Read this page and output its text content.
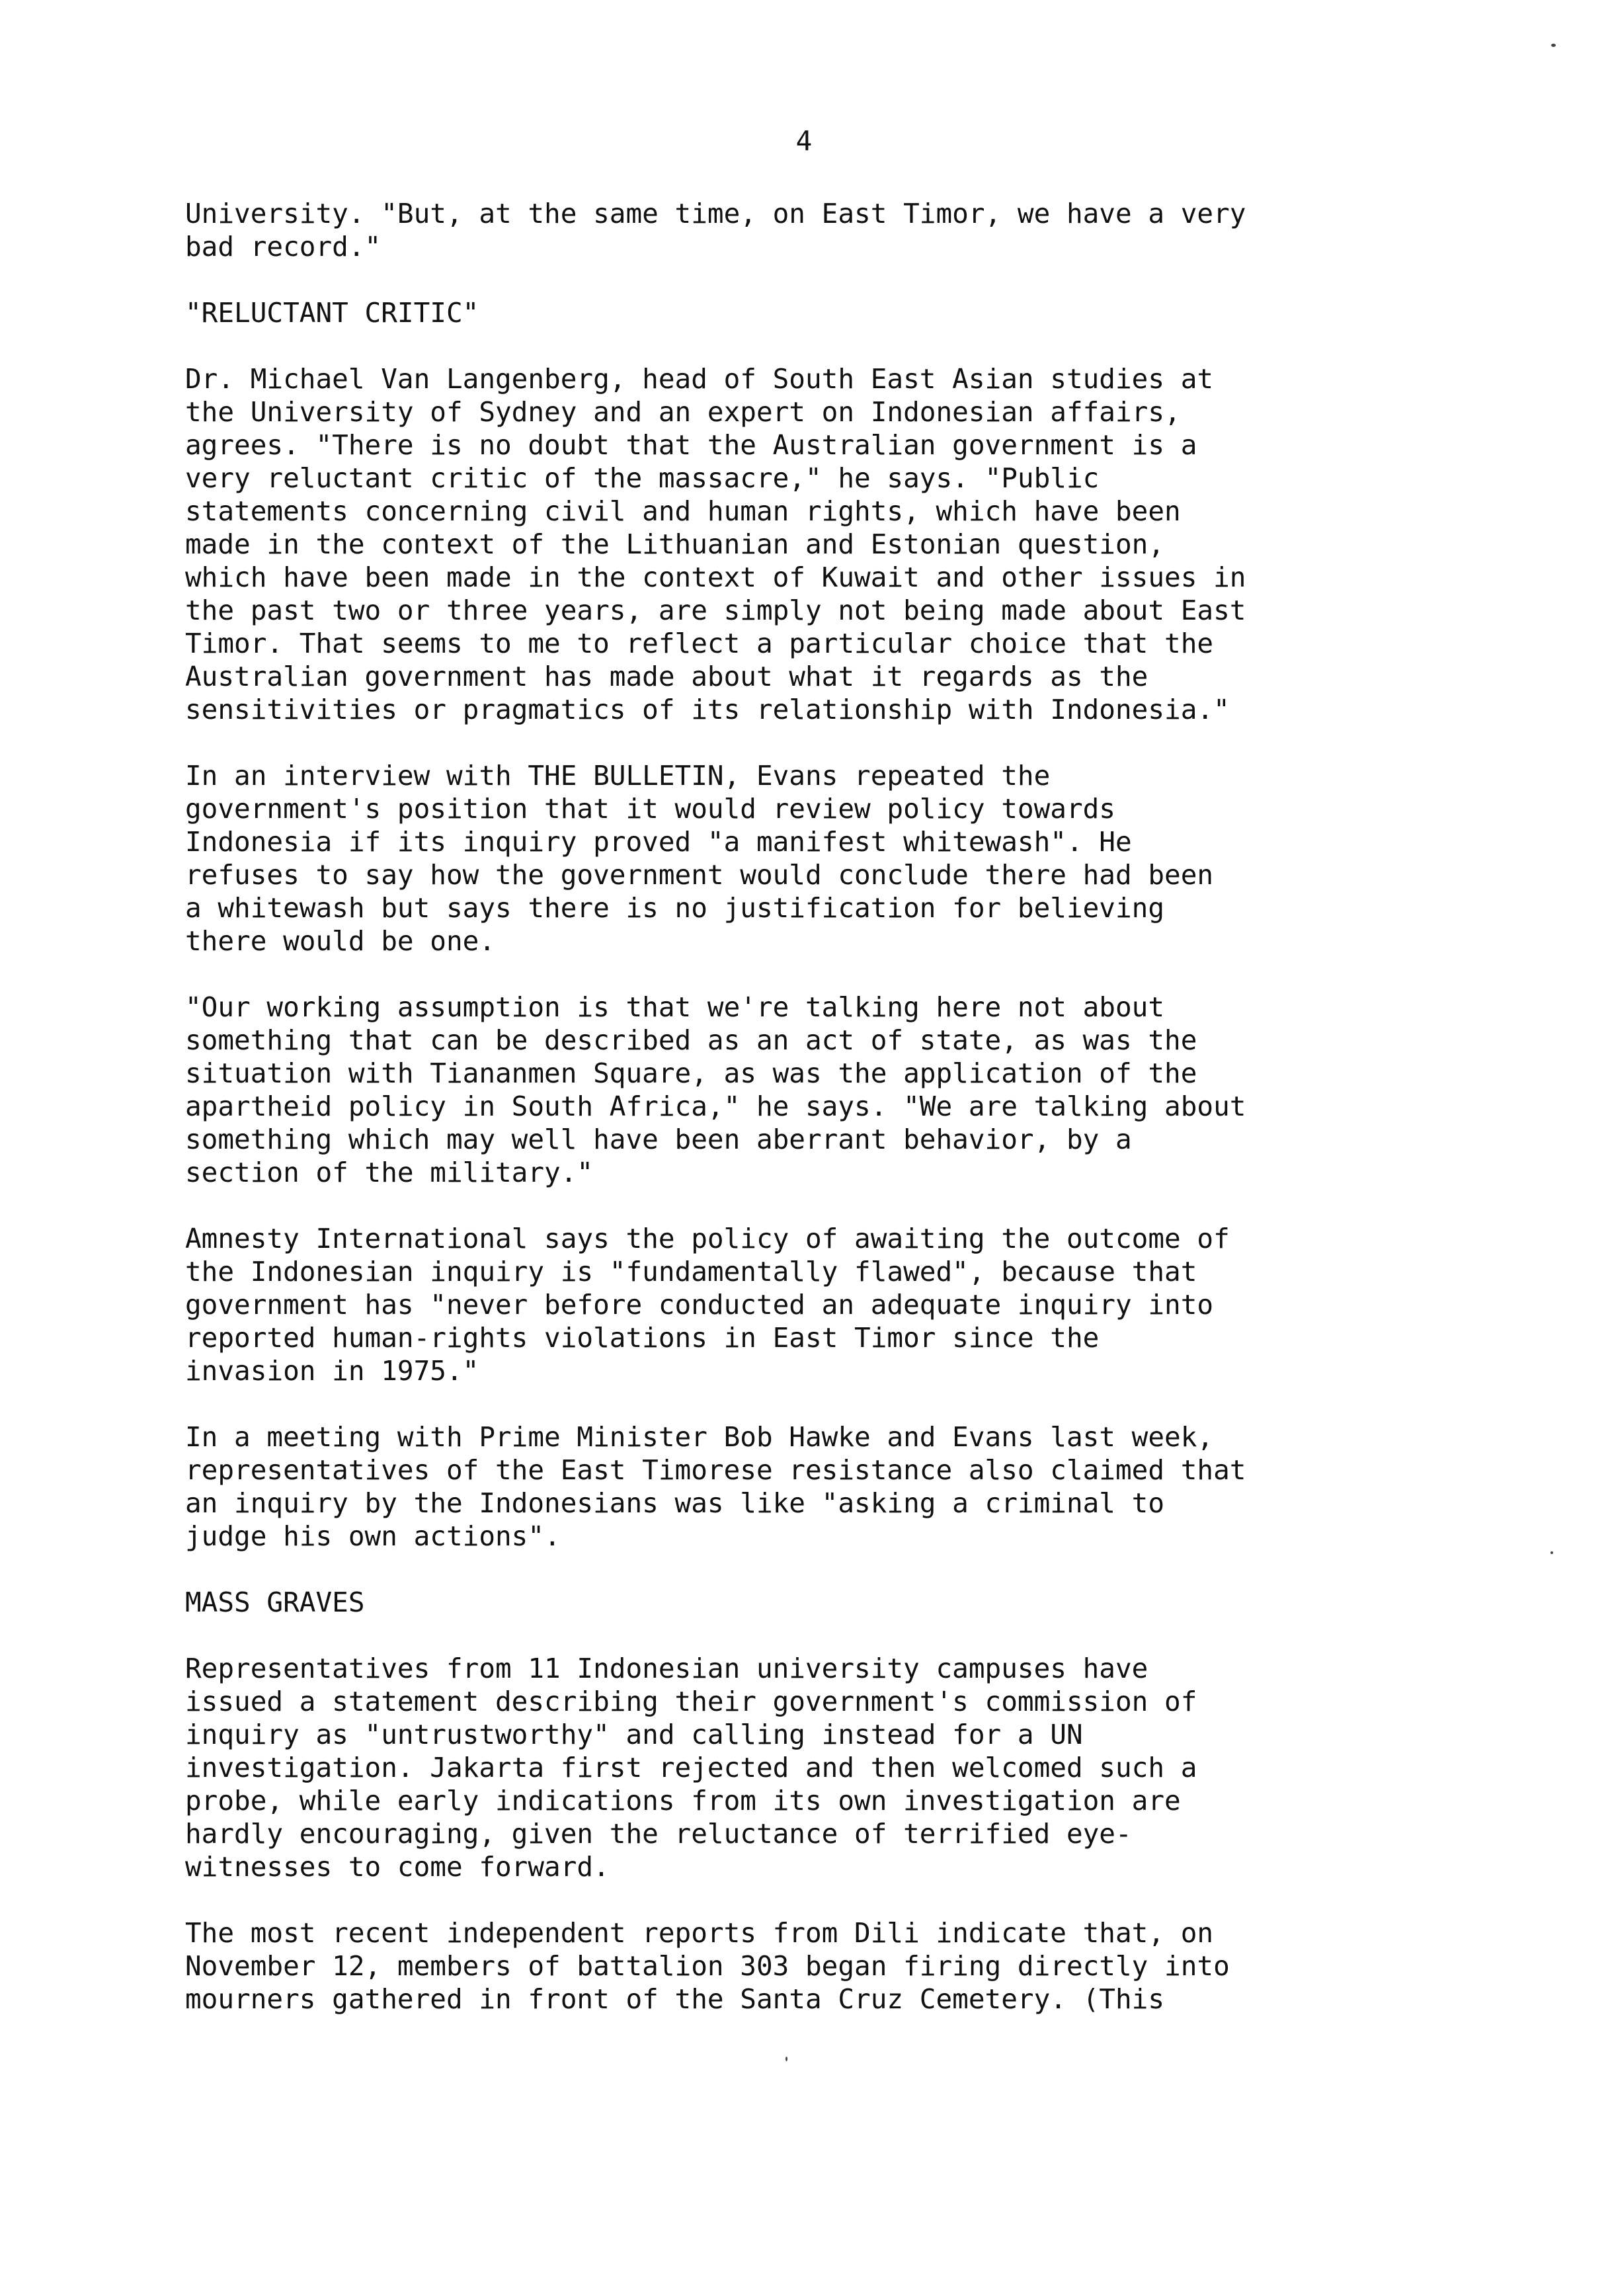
4

University. "But, at the same time, on East Timor, we have a very
bad record."

"RELUCTANT CRITIC"

Dr. Michael Van Langenberg, head of South East Asian studies at
the University of Sydney and an expert on Indonesian affairs,
agrees. "There is no doubt that the Australian government is a
very reluctant critic of the massacre," he says. "Public
statements concerning civil and human rights, which have been
made in the context of the Lithuanian and Estonian question,
which have been made in the context of Kuwait and other issues in
the past two or three years, are simply not being made about East
Timor. That seems to me to reflect a particular choice that the
Australian government has made about what it regards as the
sensitivities or pragmatics of its relationship with Indonesia."

In an interview with THE BULLETIN, Evans repeated the
government's position that it would review policy towards
Indonesia if its inquiry proved "a manifest whitewash". He
refuses to say how the government would conclude there had been
a whitewash but says there is no justification for believing
there would be one.

"Our working assumption is that we're talking here not about
something that can be described as an act of state, as was the
situation with Tiananmen Square, as was the application of the
apartheid policy in South Africa," he says. "We are talking about
something which may well have been aberrant behavior, by a
section of the military."

Amnesty International says the policy of awaiting the outcome of
the Indonesian inquiry is "fundamentally flawed", because that
government has "never before conducted an adequate inquiry into
reported human-rights violations in East Timor since the
invasion in 1975."

In a meeting with Prime Minister Bob Hawke and Evans last week,
representatives of the East Timorese resistance also claimed that
an inquiry by the Indonesians was like "asking a criminal to
judge his own actions".

MASS GRAVES

Representatives from 11 Indonesian university campuses have
issued a statement describing their government's commission of
inquiry as "untrustworthy" and calling instead for a UN
investigation. Jakarta first rejected and then welcomed such a
probe, while early indications from its own investigation are
hardly encouraging, given the reluctance of terrified eye-
witnesses to come forward.

The most recent independent reports from Dili indicate that, on
November 12, members of battalion 303 began firing directly into
mourners gathered in front of the Santa Cruz Cemetery. (This
